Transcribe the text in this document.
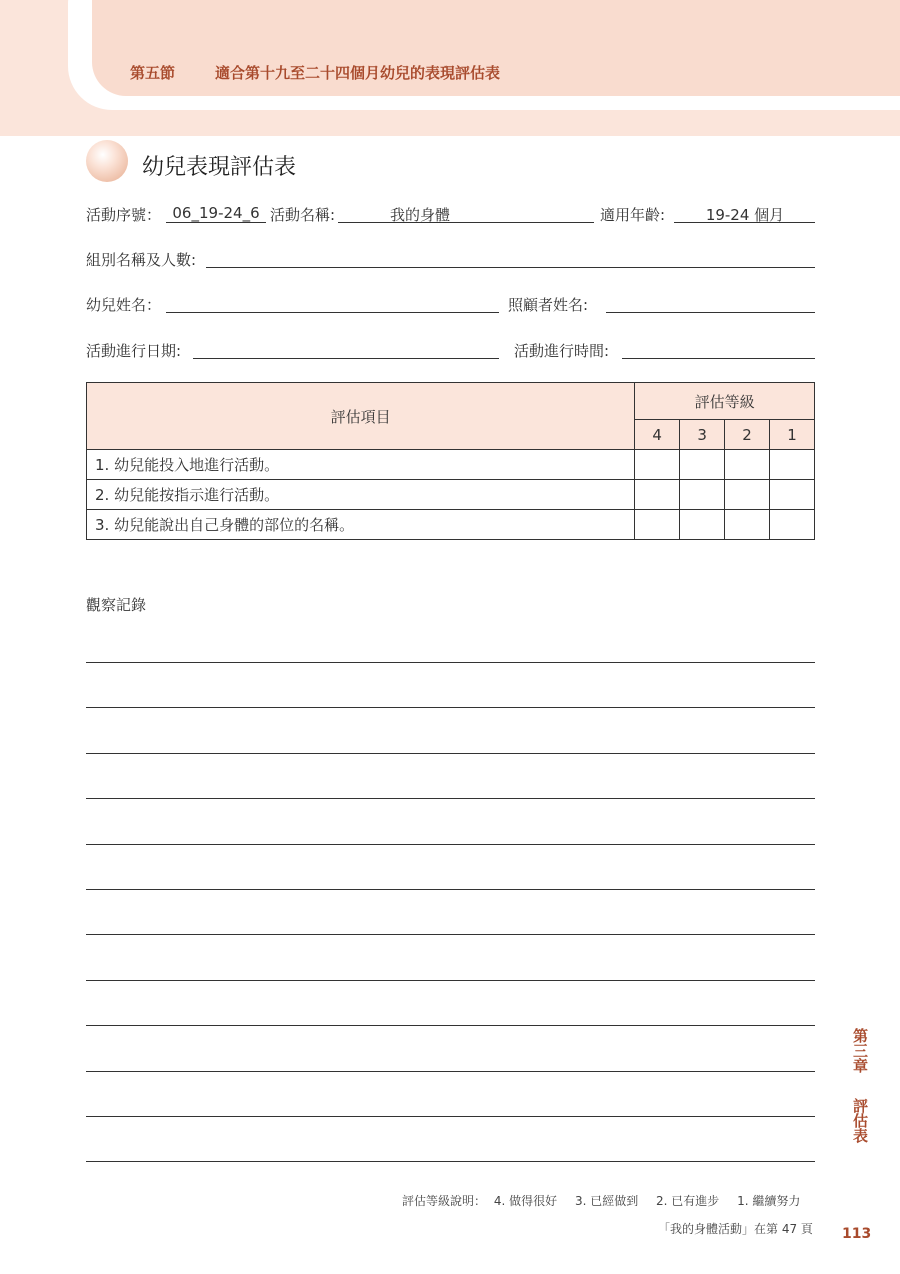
第五節	適合第十九至二十四個月幼兒的表現評估表
幼兒表現評估表
活動序號： 06_19-24_6 活動名稱:	我的身體	適用年齡:	19-24 個月
組別名稱及人數:
幼兒姓名：	照顧者姓名:
活動進行日期:	活動進行時間:
評估項目	評估等級			
	4	3	2	1
1. 幼兒能投入地進行活動。				
2. 幼兒能按指示進行活動。				
3. 幼兒能說出自己身體的部位的名稱。				
觀察記錄
第三章
評估表
評估等級說明： 4. 做得很好 3. 已經做到 2. 已有進步 1. 繼續努力
「我的身體活動」在第 47 頁 113
